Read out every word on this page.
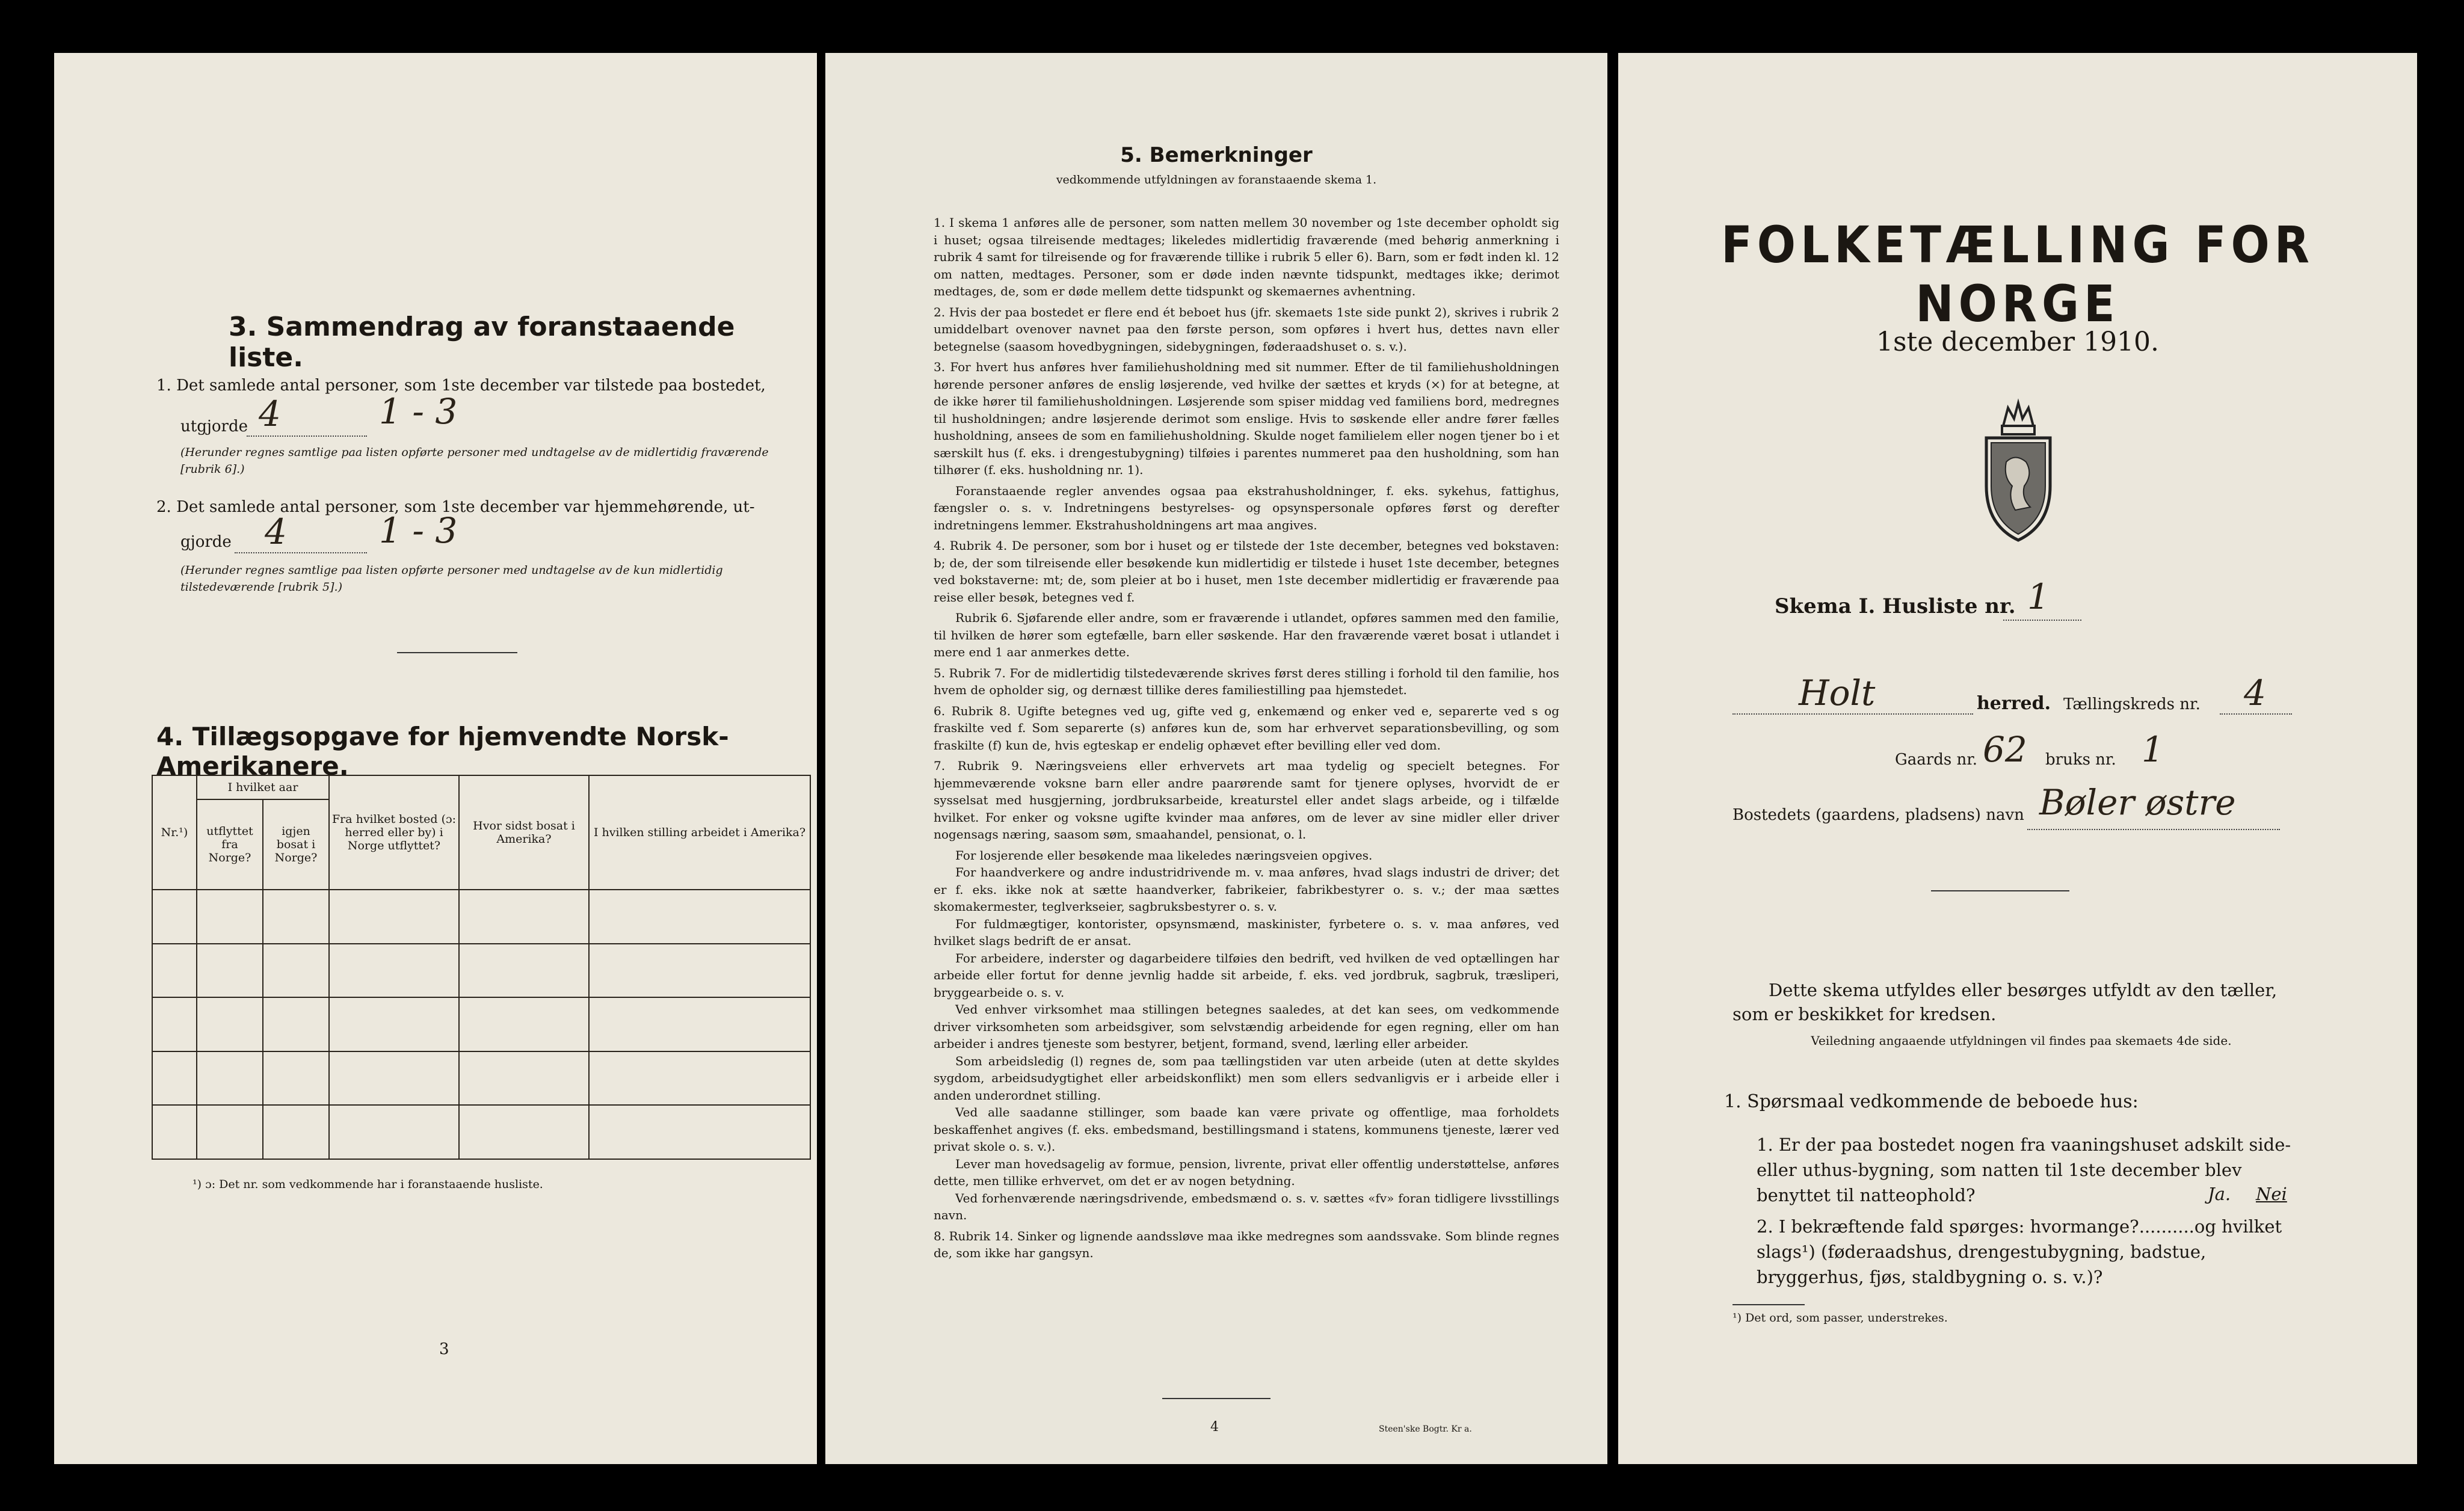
3. Sammendrag av foranstaaende liste.
1. Det samlede antal personer, som 1ste december var tilstede paa bostedet,
utgjorde 4	1 - 3
(Herunder regnes samtlige paa listen opførte personer med undtagelse av de midlertidig fraværende [rubrik 6].)
2. Det samlede antal personer, som 1ste december var hjemmehørende, ut-
gjorde 4	1 - 3
(Herunder regnes samtlige paa listen opførte personer med undtagelse av de kun midlertidig tilstedeværende [rubrik 5].)
4. Tillægsopgave for hjemvendte Norsk-Amerikanere.
Nr.¹)	I hvilket aar		Fra hvilket bosted (ɔ: herred eller by) i Norge utflyttet?	Hvor sidst bosat i Amerika?	I hvilken stilling arbeidet i Amerika?
	utflyttet fra Norge?	igjen bosat i Norge?			

¹) ɔ: Det nr. som vedkommende har i foranstaaende husliste.
3
5. Bemerkninger
vedkommende utfyldningen av foranstaaende skema 1.

1. I skema 1 anføres alle de personer, som natten mellem 30 november og 1ste december opholdt sig i huset; ogsaa tilreisende medtages; likeledes midlertidig fraværende (med behørig anmerkning i rubrik 4 samt for tilreisende og for fraværende tillike i rubrik 5 eller 6). Barn, som er født inden kl. 12 om natten, medtages. Personer, som er døde inden nævnte tidspunkt, medtages ikke; derimot medtages, de, som er døde mellem dette tidspunkt og skemaernes avhentning.

2. Hvis der paa bostedet er flere end ét beboet hus (jfr. skemaets 1ste side punkt 2), skrives i rubrik 2 umiddelbart ovenover navnet paa den første person, som opføres i hvert hus, dettes navn eller betegnelse (saasom hovedbygningen, sidebygningen, føderaadshuset o. s. v.).

3. For hvert hus anføres hver familiehusholdning med sit nummer. Efter de til familiehusholdningen hørende personer anføres de enslig løsjerende, ved hvilke der sættes et kryds (×) for at betegne, at de ikke hører til familiehusholdningen. Løsjerende som spiser middag ved familiens bord, medregnes til husholdningen; andre løsjerende derimot som enslige. Hvis to søskende eller andre fører fælles husholdning, ansees de som en familiehusholdning. Skulde noget familielem eller nogen tjener bo i et særskilt hus (f. eks. i drengestubygning) tilføies i parentes nummeret paa den husholdning, som han tilhører (f. eks. husholdning nr. 1).

Foranstaaende regler anvendes ogsaa paa ekstrahusholdninger, f. eks. sykehus, fattighus, fængsler o. s. v. Indretningens bestyrelses- og opsynspersonale opføres først og derefter indretningens lemmer. Ekstrahusholdningens art maa angives.

4. Rubrik 4. De personer, som bor i huset og er tilstede der 1ste december, betegnes ved bokstaven: b; de, der som tilreisende eller besøkende kun midlertidig er tilstede i huset 1ste december, betegnes ved bokstaverne: mt; de, som pleier at bo i huset, men 1ste december midlertidig er fraværende paa reise eller besøk, betegnes ved f.

Rubrik 6. Sjøfarende eller andre, som er fraværende i utlandet, opføres sammen med den familie, til hvilken de hører som egtefælle, barn eller søskende. Har den fraværende været bosat i utlandet i mere end 1 aar anmerkes dette.

5. Rubrik 7. For de midlertidig tilstedeværende skrives først deres stilling i forhold til den familie, hos hvem de opholder sig, og dernæst tillike deres familiestilling paa hjemstedet.

6. Rubrik 8. Ugifte betegnes ved ug, gifte ved g, enkemænd og enker ved e, separerte ved s og fraskilte ved f. Som separerte (s) anføres kun de, som har erhvervet separationsbevilling, og som fraskilte (f) kun de, hvis egteskap er endelig ophævet efter bevilling eller ved dom.

7. Rubrik 9. Næringsveiens eller erhvervets art maa tydelig og specielt betegnes. For hjemmeværende voksne barn eller andre paarørende samt for tjenere oplyses, hvorvidt de er sysselsat med husgjerning, jordbruksarbeide, kreaturstel eller andet slags arbeide, og i tilfælde hvilket. For enker og voksne ugifte kvinder maa anføres, om de lever av sine midler eller driver nogensags næring, saasom søm, smaahandel, pensionat, o. l.

For losjerende eller besøkende maa likeledes næringsveien opgives.

For haandverkere og andre industridrivende m. v. maa anføres, hvad slags industri de driver; det er f. eks. ikke nok at sætte haandverker, fabrikeier, fabrikbestyrer o. s. v.; der maa sættes skomakermester, teglverkseier, sagbruksbestyrer o. s. v.

For fuldmægtiger, kontorister, opsynsmænd, maskinister, fyrbetere o. s. v. maa anføres, ved hvilket slags bedrift de er ansat.

For arbeidere, inderster og dagarbeidere tilføies den bedrift, ved hvilken de ved optællingen har arbeide eller fortut for denne jevnlig hadde sit arbeide, f. eks. ved jordbruk, sagbruk, træsliperi, bryggearbeide o. s. v.

Ved enhver virksomhet maa stillingen betegnes saaledes, at det kan sees, om vedkommende driver virksomheten som arbeidsgiver, som selvstændig arbeidende for egen regning, eller om han arbeider i andres tjeneste som bestyrer, betjent, formand, svend, lærling eller arbeider.

Som arbeidsledig (l) regnes de, som paa tællingstiden var uten arbeide (uten at dette skyldes sygdom, arbeidsudygtighet eller arbeidskonflikt) men som ellers sedvanligvis er i arbeide eller i anden underordnet stilling.

Ved alle saadanne stillinger, som baade kan være private og offentlige, maa forholdets beskaffenhet angives (f. eks. embedsmand, bestillingsmand i statens, kommunens tjeneste, lærer ved privat skole o. s. v.).

Lever man hovedsagelig av formue, pension, livrente, privat eller offentlig understøttelse, anføres dette, men tillike erhvervet, om det er av nogen betydning.

Ved forhenværende næringsdrivende, embedsmænd o. s. v. sættes «fv» foran tidligere livsstillings navn.

8. Rubrik 14. Sinker og lignende aandssløve maa ikke medregnes som aandssvake. Som blinde regnes de, som ikke har gangsyn.

4	Steen'ske Bogtr. Kr a.
FOLKETÆLLING FOR NORGE
1ste december 1910.
Skema I. Husliste nr. 1
Holt	herred. Tællingskreds nr. 4
Gaards nr. 62 bruks nr. 1
Bostedets (gaardens, pladsens) navn Bøler østre
Dette skema utfyldes eller besørges utfyldt av den tæller, som er beskikket for kredsen.
Veiledning angaaende utfyldningen vil findes paa skemaets 4de side.
1. Spørsmaal vedkommende de beboede hus:
1. Er der paa bostedet nogen fra vaaningshuset adskilt side- eller uthus-bygning, som natten til 1ste december blev benyttet til natteophold?	Ja. Nei
2. I bekræftende fald spørges: hvormange?..........og hvilket slags¹) (føderaadshus, drengestubygning, badstue, bryggerhus, fjøs, staldbygning o. s. v.)?
¹) Det ord, som passer, understrekes.
